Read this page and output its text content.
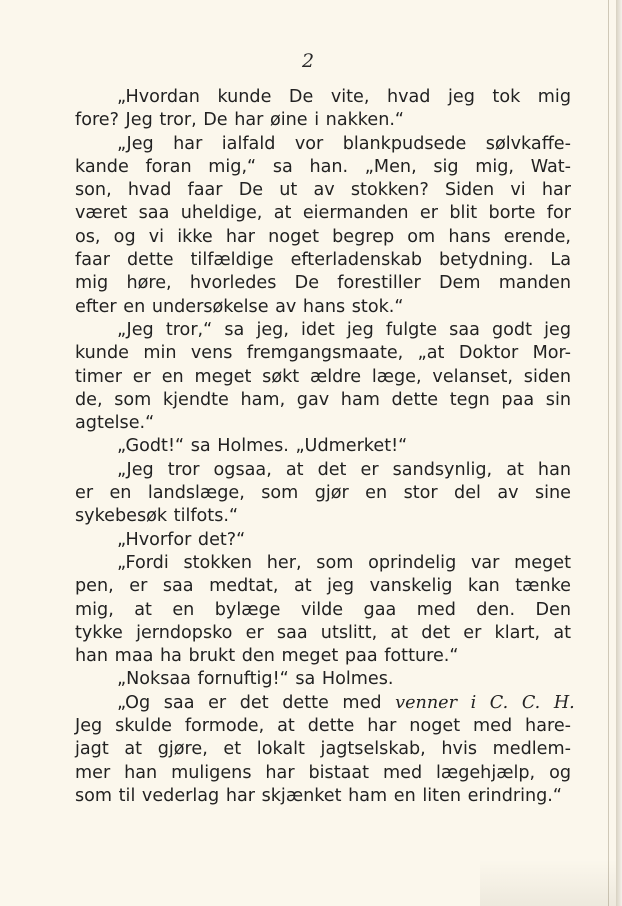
2
„Hvordan kunde De vite, hvad jeg tok mig
fore? Jeg tror, De har øine i nakken.“
„Jeg har ialfald vor blankpudsede sølvkaffe-
kande foran mig,“ sa han. „Men, sig mig, Wat-
son, hvad faar De ut av stokken? Siden vi har
været saa uheldige, at eiermanden er blit borte for
os, og vi ikke har noget begrep om hans erende,
faar dette tilfældige efterladenskab betydning. La
mig høre, hvorledes De forestiller Dem manden
efter en undersøkelse av hans stok.“
„Jeg tror,“ sa jeg, idet jeg fulgte saa godt jeg
kunde min vens fremgangsmaate, „at Doktor Mor-
timer er en meget søkt ældre læge, velanset, siden
de, som kjendte ham, gav ham dette tegn paa sin
agtelse.“
„Godt!“ sa Holmes. „Udmerket!“
„Jeg tror ogsaa, at det er sandsynlig, at han
er en landslæge, som gjør en stor del av sine
sykebesøk tilfots.“
„Hvorfor det?“
„Fordi stokken her, som oprindelig var meget
pen, er saa medtat, at jeg vanskelig kan tænke
mig, at en bylæge vilde gaa med den. Den
tykke jerndopsko er saa utslitt, at det er klart, at
han maa ha brukt den meget paa fotture.“
„Noksaa fornuftig!“ sa Holmes.
„Og saa er det dette med venner i C. C. H.
Jeg skulde formode, at dette har noget med hare-
jagt at gjøre, et lokalt jagtselskab, hvis medlem-
mer han muligens har bistaat med lægehjælp, og
som til vederlag har skjænket ham en liten erindring.“
